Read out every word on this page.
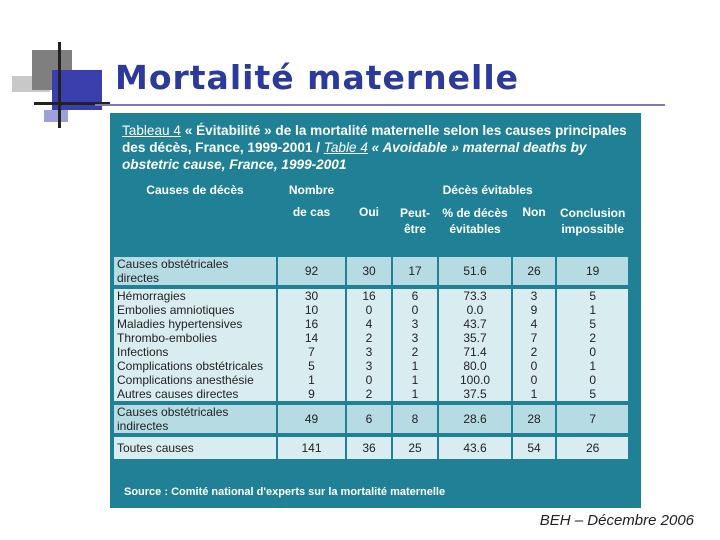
Mortalité maternelle
Tableau 4 « Évitabilité » de la mortalité maternelle selon les causes principales des décès, France, 1999-2001 / Table 4 « Avoidable » maternal deaths by obstetric cause, France, 1999-2001
Causes de décès	Nombre	Décès évitables				

	de cas	Oui	Peut-être	% de décès évitables	Non	Conclusion impossible
Causes obstétricales directes	92	30	17	51.6	26	19

Hémorragies	30	16	6	73.3	3	5
Embolies amniotiques	10	0	0	0.0	9	1
Maladies hypertensives	16	4	3	43.7	4	5
Thrombo-embolies	14	2	3	35.7	7	2
Infections	7	3	2	71.4	2	0
Complications obstétricales	5	3	1	80.0	0	1
Complications anesthésie	1	0	1	100.0	0	0
Autres causes directes	9	2	1	37.5	1	5

Causes obstétricales indirectes	49	6	8	28.6	28	7

Toutes causes	141	36	25	43.6	54	26
Source : Comité national d'experts sur la mortalité maternelle
BEH – Décembre 2006
